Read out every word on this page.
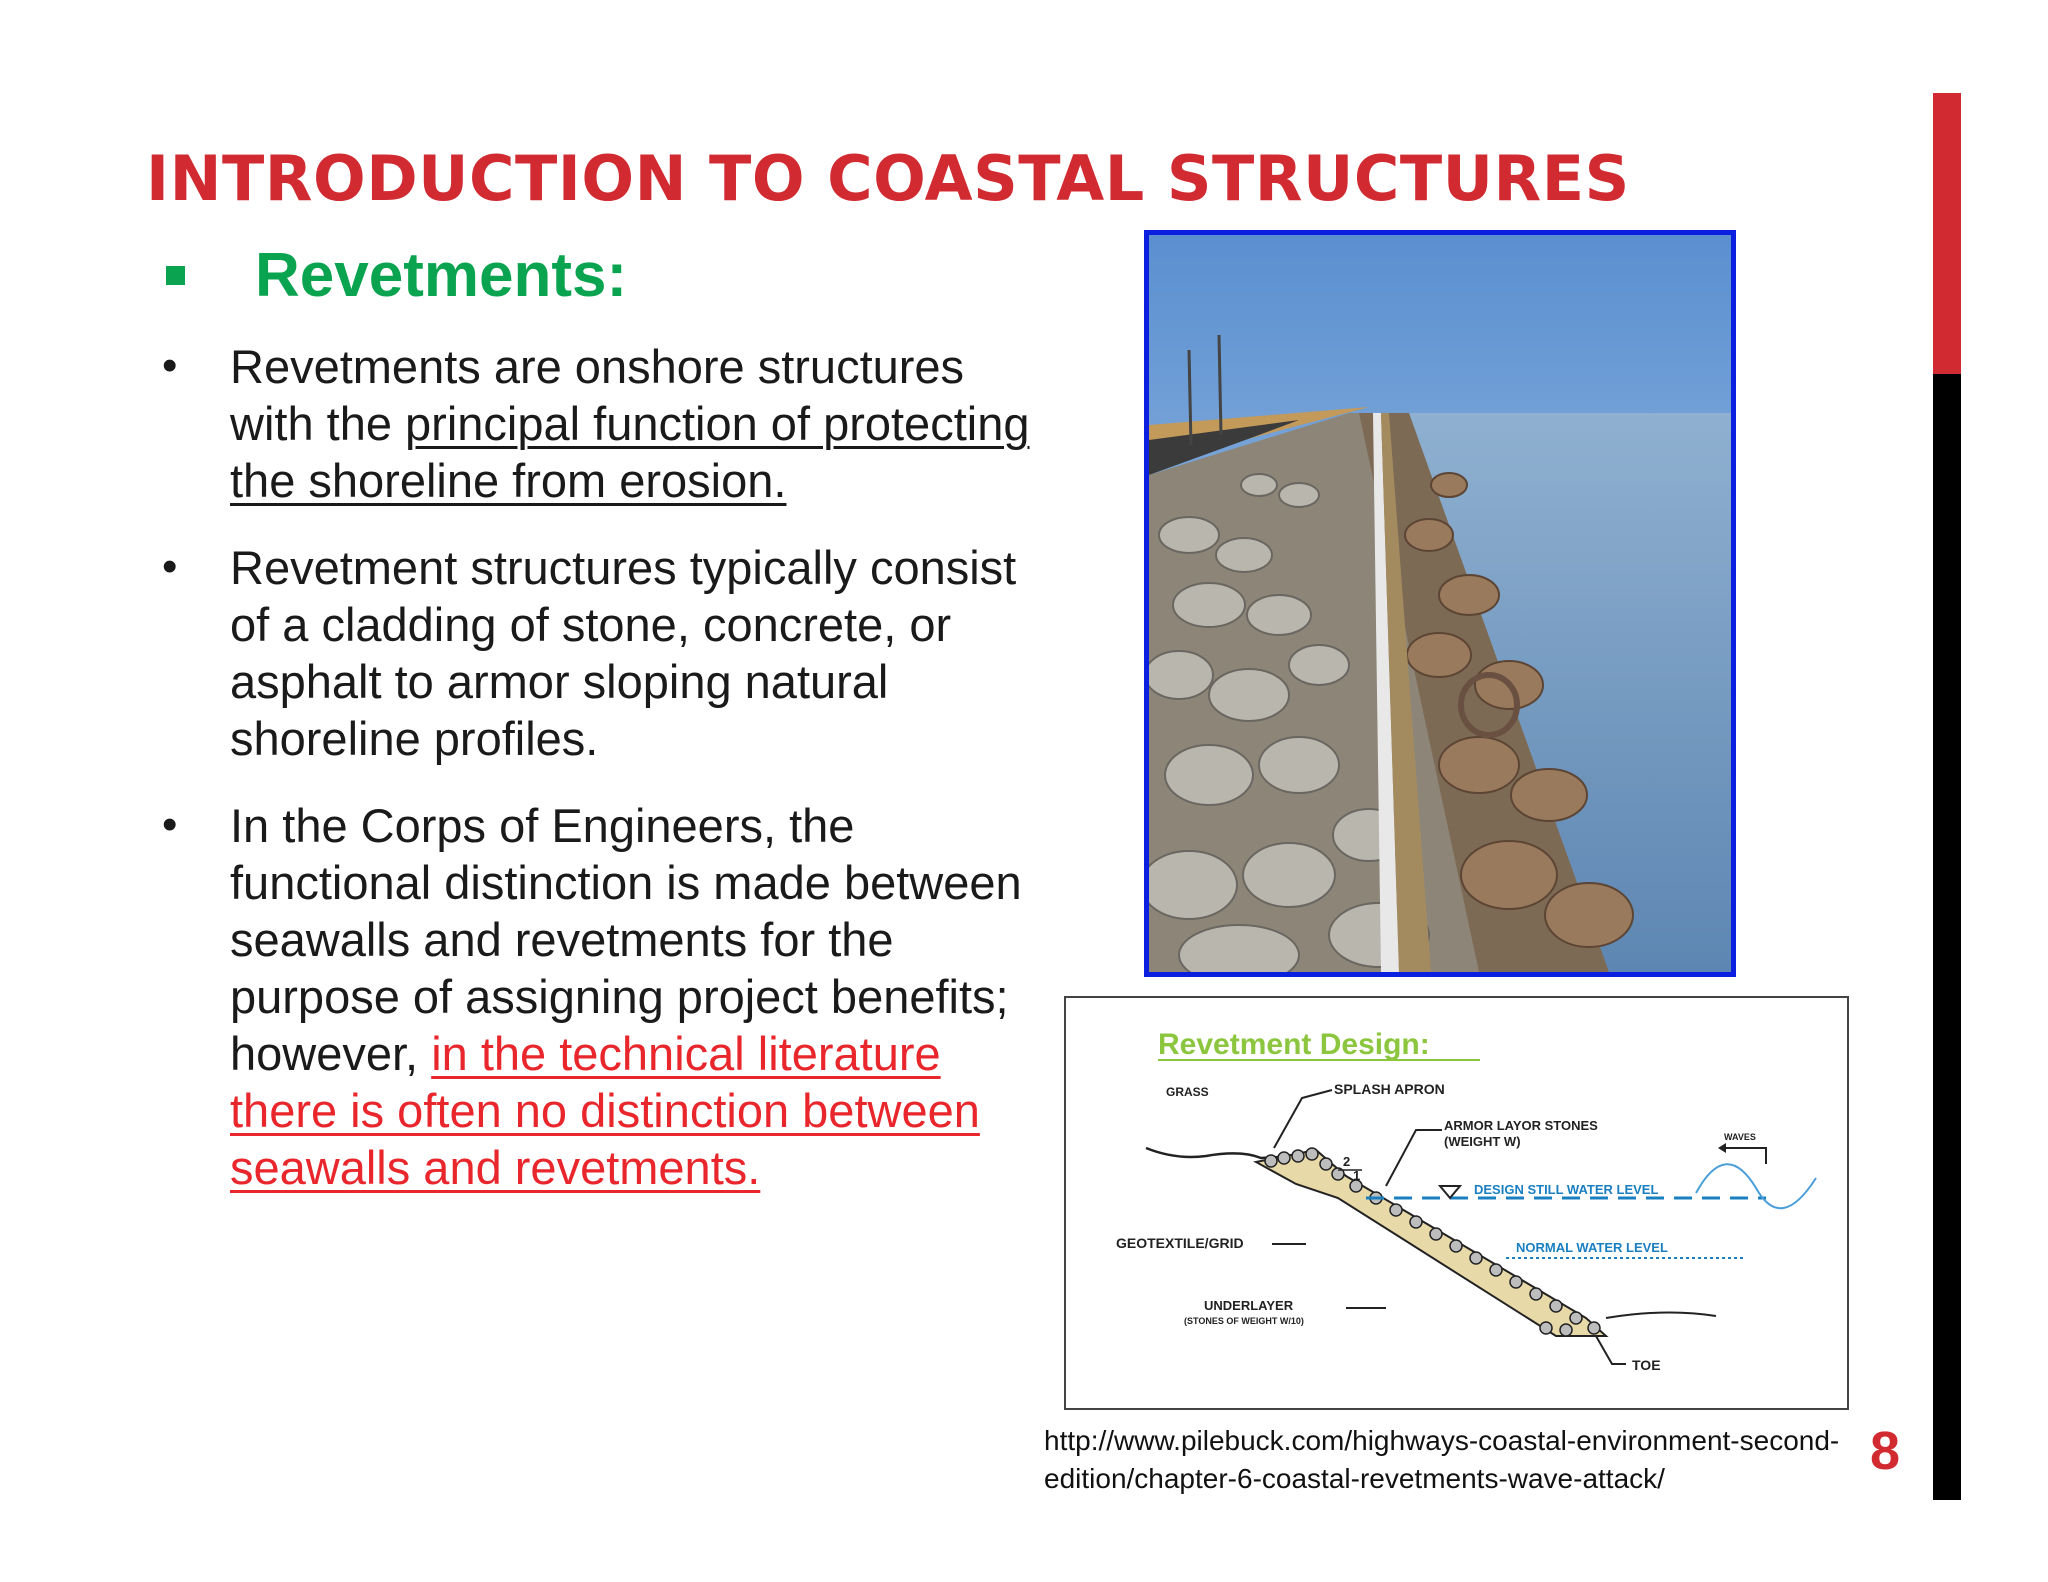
INTRODUCTION TO COASTAL STRUCTURES
Revetments:
•	Revetments are onshore structures with the principal function of protecting the shoreline from erosion.

•	Revetment structures typically consist of a cladding of stone, concrete, or asphalt to armor sloping natural shoreline profiles.

•	In the Corps of Engineers, the functional distinction is made between seawalls and revetments for the purpose of assigning project benefits; however, in the technical literature there is often no distinction between seawalls and revetments.

Revetment Design:
GRASS	SPLASH APRON
ARMOR LAYOR STONES
(WEIGHT W)
2
1
DESIGN STILL WATER LEVEL
NORMAL WATER LEVEL
WAVES
GEOTEXTILE/GRID
UNDERLAYER
(STONES OF WEIGHT W/10)
TOE
http://www.pilebuck.com/highways-coastal-environment-second-edition/chapter-6-coastal-revetments-wave-attack/	8
